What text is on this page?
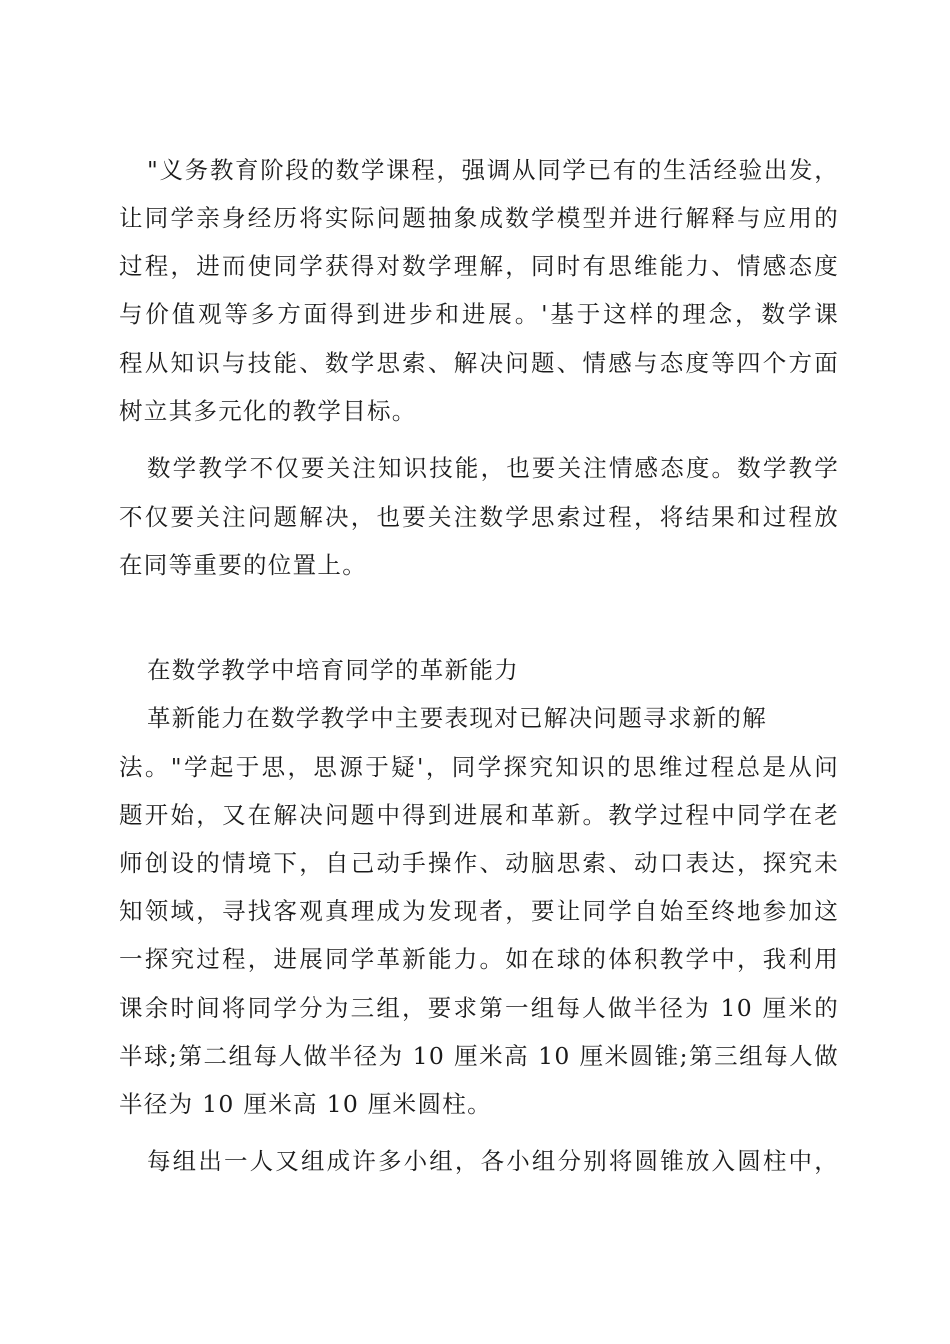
"义务教育阶段的数学课程，强调从同学已有的生活经验出发，
让同学亲身经历将实际问题抽象成数学模型并进行解释与应用的
过程，进而使同学获得对数学理解，同时有思维能力、情感态度
与价值观等多方面得到进步和进展。'基于这样的理念，数学课
程从知识与技能、数学思索、解决问题、情感与态度等四个方面
树立其多元化的教学目标。
数学教学不仅要关注知识技能，也要关注情感态度。数学教学
不仅要关注问题解决，也要关注数学思索过程，将结果和过程放
在同等重要的位置上。
在数学教学中培育同学的革新能力
革新能力在数学教学中主要表现对已解决问题寻求新的解
法。"学起于思，思源于疑'，同学探究知识的思维过程总是从问
题开始，又在解决问题中得到进展和革新。教学过程中同学在老
师创设的情境下，自己动手操作、动脑思索、动口表达，探究未
知领域，寻找客观真理成为发现者，要让同学自始至终地参加这
一探究过程，进展同学革新能力。如在球的体积教学中，我利用
课余时间将同学分为三组，要求第一组每人做半径为 10 厘米的
半球;第二组每人做半径为 10 厘米高 10 厘米圆锥;第三组每人做
半径为 10 厘米高 10 厘米圆柱。
每组出一人又组成许多小组，各小组分别将圆锥放入圆柱中，
